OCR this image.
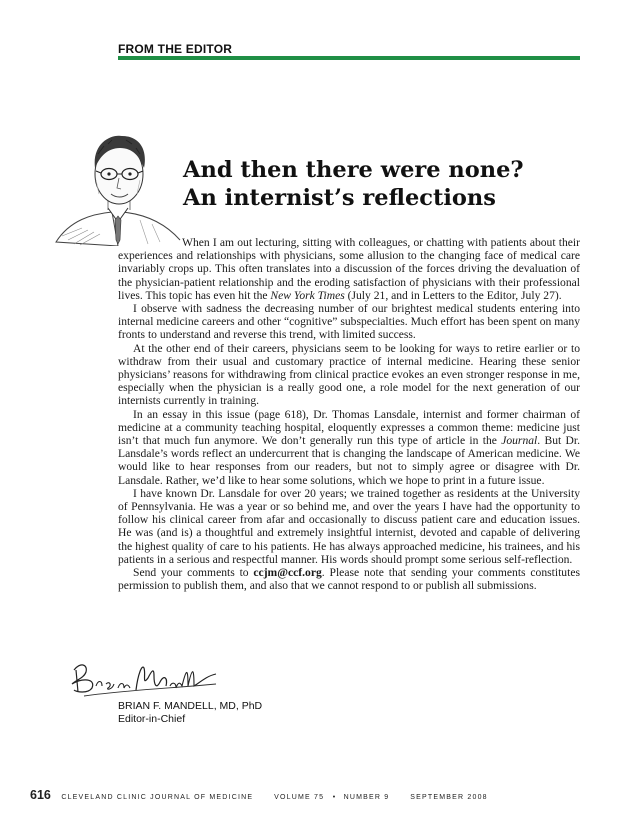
FROM THE EDITOR
And then there were none?
An internist’s reflections

When I am out lecturing, sitting with colleagues, or chatting with patients about their experiences and relationships with physicians, some allusion to the changing face of medical care invariably crops up. This often translates into a discussion of the forces driving the devaluation of the physician-patient relationship and the eroding satisfaction of physicians with their professional lives. This topic has even hit the New York Times (July 21, and in Letters to the Editor, July 27).

I observe with sadness the decreasing number of our brightest medical students entering into internal medicine careers and other “cognitive” subspecialties. Much effort has been spent on many fronts to understand and reverse this trend, with limited success.

At the other end of their careers, physicians seem to be looking for ways to retire earlier or to withdraw from their usual and customary practice of internal medicine. Hearing these senior physicians’ reasons for withdrawing from clinical practice evokes an even stronger response in me, especially when the physician is a really good one, a role model for the next generation of our internists currently in training.

In an essay in this issue (page 618), Dr. Thomas Lansdale, internist and former chairman of medicine at a community teaching hospital, eloquently expresses a common theme: medicine just isn’t that much fun anymore. We don’t generally run this type of article in the Journal. But Dr. Lansdale’s words reflect an undercurrent that is changing the landscape of American medicine. We would like to hear responses from our readers, but not to simply agree or disagree with Dr. Lansdale. Rather, we’d like to hear some solutions, which we hope to print in a future issue.

I have known Dr. Lansdale for over 20 years; we trained together as residents at the University of Pennsylvania. He was a year or so behind me, and over the years I have had the opportunity to follow his clinical career from afar and occasionally to discuss patient care and education issues. He was (and is) a thoughtful and extremely insightful internist, devoted and capable of delivering the highest quality of care to his patients. He has always approached medicine, his trainees, and his patients in a serious and respectful manner. His words should prompt some serious self-reflection.

Send your comments to ccjm@ccf.org. Please note that sending your comments constitutes permission to publish them, and also that we cannot respond to or publish all submissions.

BRIAN F. MANDELL, MD, PhD
Editor-in-Chief
616 CLEVELAND CLINIC JOURNAL OF MEDICINE	VOLUME 75 • NUMBER 9	SEPTEMBER 2008
